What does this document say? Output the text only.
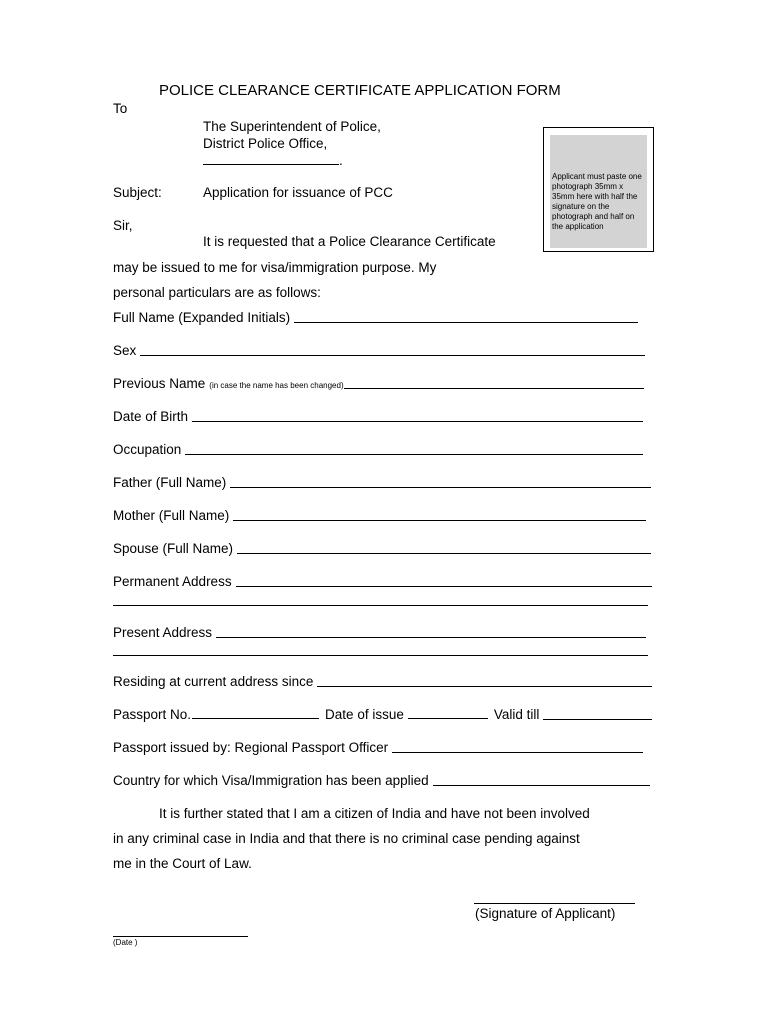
POLICE CLEARANCE CERTIFICATE APPLICATION FORM
To
The Superintendent of Police,
District Police Office,
.
Applicant must paste one photograph 35mm x 35mm here with half the signature on the photograph and half on the application
Subject:	Application for issuance of PCC
Sir,
It is requested that a Police Clearance Certificate
may be issued to me for visa/immigration purpose. My
personal particulars are as follows:
Full Name (Expanded Initials)
Sex
Previous Name (in case the name has been changed)
Date of Birth
Occupation
Father (Full Name)
Mother (Full Name)
Spouse (Full Name)
Permanent Address
Present Address
Residing at current address since
Passport No.	Date of issue	Valid till
Passport issued by: Regional Passport Officer
Country for which Visa/Immigration has been applied
It is further stated that I am a citizen of India and have not been involved
in any criminal case in India and that there is no criminal case pending against
me in the Court of Law.
(Signature of Applicant)
(Date )
